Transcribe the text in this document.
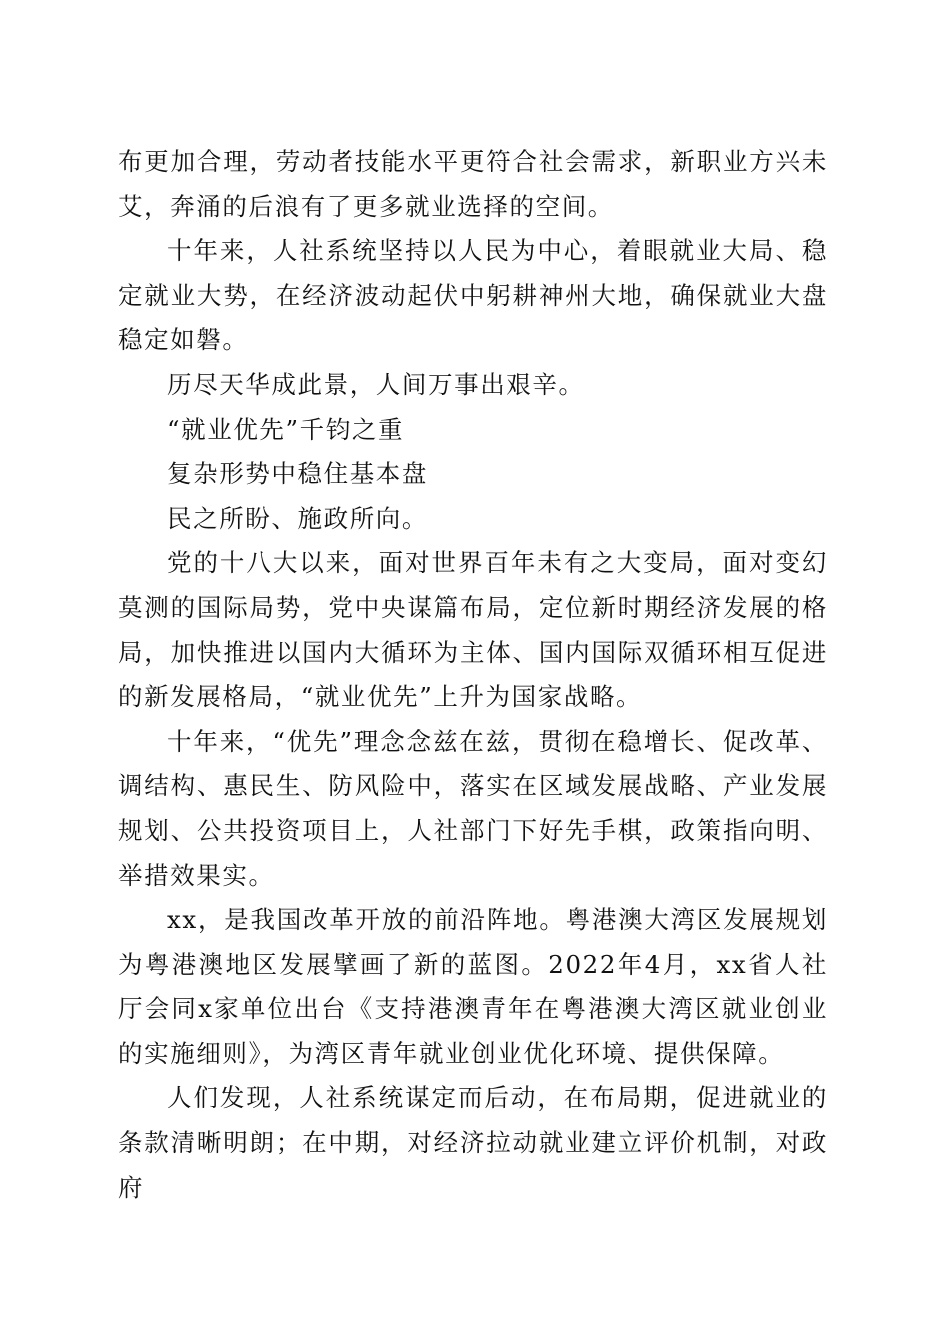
布更加合理，劳动者技能水平更符合社会需求，新职业方兴未艾，奔涌的后浪有了更多就业选择的空间。

十年来，人社系统坚持以人民为中心，着眼就业大局、稳定就业大势，在经济波动起伏中躬耕神州大地，确保就业大盘稳定如磐。

历尽天华成此景，人间万事出艰辛。

“就业优先”千钧之重

复杂形势中稳住基本盘

民之所盼、施政所向。

党的十八大以来，面对世界百年未有之大变局，面对变幻莫测的国际局势，党中央谋篇布局，定位新时期经济发展的格局，加快推进以国内大循环为主体、国内国际双循环相互促进的新发展格局，“就业优先”上升为国家战略。

十年来，“优先”理念念兹在兹，贯彻在稳增长、促改革、调结构、惠民生、防风险中，落实在区域发展战略、产业发展规划、公共投资项目上，人社部门下好先手棋，政策指向明、举措效果实。

xx，是我国改革开放的前沿阵地。粤港澳大湾区发展规划为粤港澳地区发展擘画了新的蓝图。2022年4月，xx省人社厅会同x家单位出台《支持港澳青年在粤港澳大湾区就业创业的实施细则》，为湾区青年就业创业优化环境、提供保障。

人们发现，人社系统谋定而后动，在布局期，促进就业的条款清晰明朗；在中期，对经济拉动就业建立评价机制，对政府
